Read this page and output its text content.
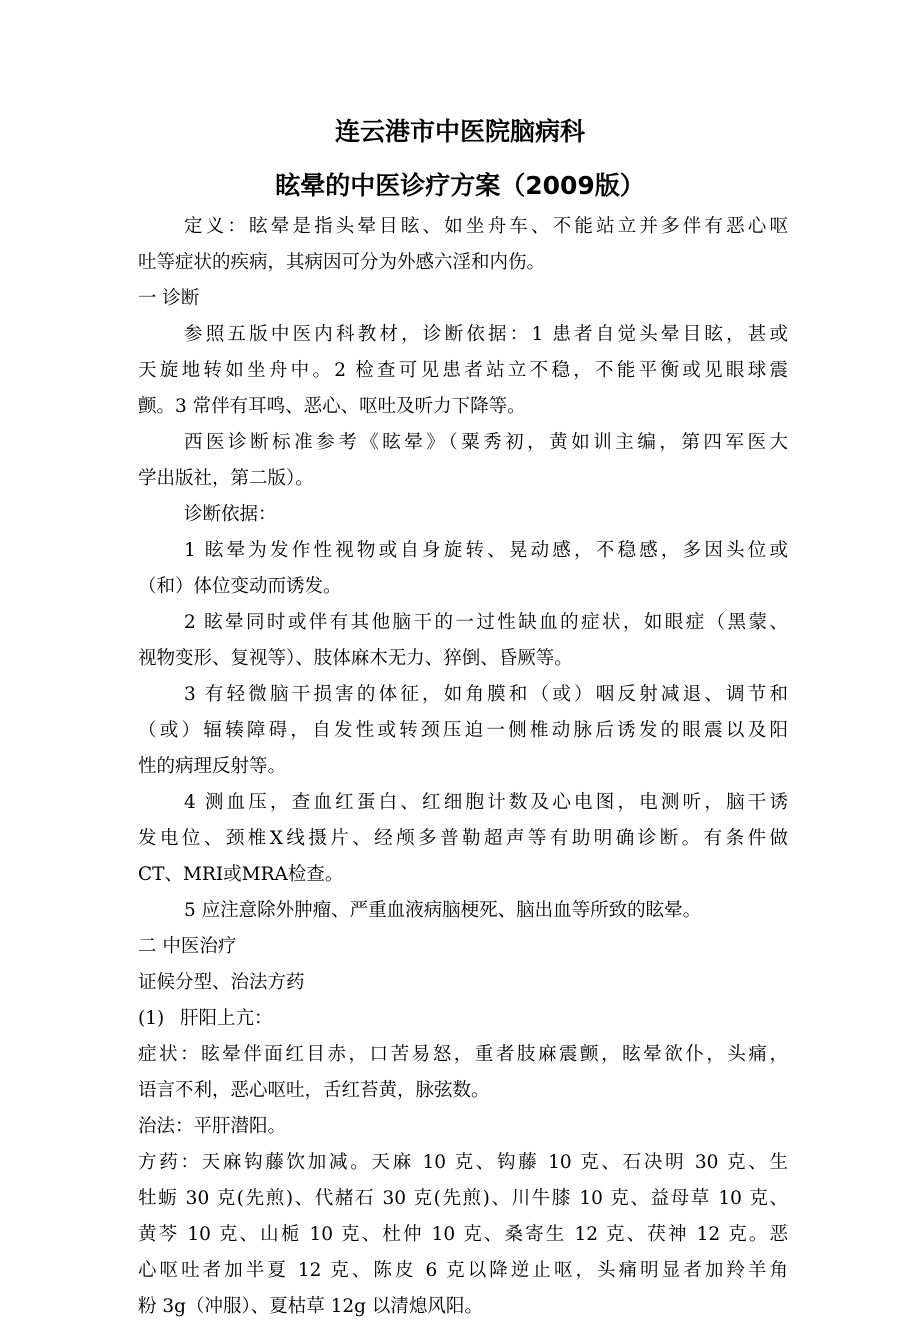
连云港市中医院脑病科
眩晕的中医诊疗方案（2009版）
定义：眩晕是指头晕目眩、如坐舟车、不能站立并多伴有恶心呕
吐等症状的疾病，其病因可分为外感六淫和内伤。
一 诊断
参照五版中医内科教材，诊断依据：1 患者自觉头晕目眩，甚或
天旋地转如坐舟中。2 检查可见患者站立不稳，不能平衡或见眼球震
颤。3 常伴有耳鸣、恶心、呕吐及听力下降等。
西医诊断标准参考《眩晕》（粟秀初，黄如训主编，第四军医大
学出版社，第二版）。
诊断依据：
1 眩晕为发作性视物或自身旋转、晃动感，不稳感，多因头位或
（和）体位变动而诱发。
2 眩晕同时或伴有其他脑干的一过性缺血的症状，如眼症（黑蒙、
视物变形、复视等）、肢体麻木无力、猝倒、昏厥等。
3 有轻微脑干损害的体征，如角膜和（或）咽反射减退、调节和
（或）辐辏障碍，自发性或转颈压迫一侧椎动脉后诱发的眼震以及阳
性的病理反射等。
4 测血压，查血红蛋白、红细胞计数及心电图，电测听，脑干诱
发电位、颈椎X线摄片、经颅多普勒超声等有助明确诊断。有条件做
CT、MRI或MRA检查。
5 应注意除外肿瘤、严重血液病脑梗死、脑出血等所致的眩晕。
二 中医治疗
证候分型、治法方药
(1) 肝阳上亢：
症状：眩晕伴面红目赤，口苦易怒，重者肢麻震颤，眩晕欲仆，头痛，
语言不利，恶心呕吐，舌红苔黄，脉弦数。
治法：平肝潜阳。
方药：天麻钩藤饮加减。天麻 10 克、钩藤 10 克、石决明 30 克、生
牡蛎 30 克(先煎)、代赭石 30 克(先煎)、川牛膝 10 克、益母草 10 克、
黄芩 10 克、山栀 10 克、杜仲 10 克、桑寄生 12 克、茯神 12 克。恶
心呕吐者加半夏 12 克、陈皮 6 克以降逆止呕，头痛明显者加羚羊角
粉 3g（冲服）、夏枯草 12g 以清熄风阳。
